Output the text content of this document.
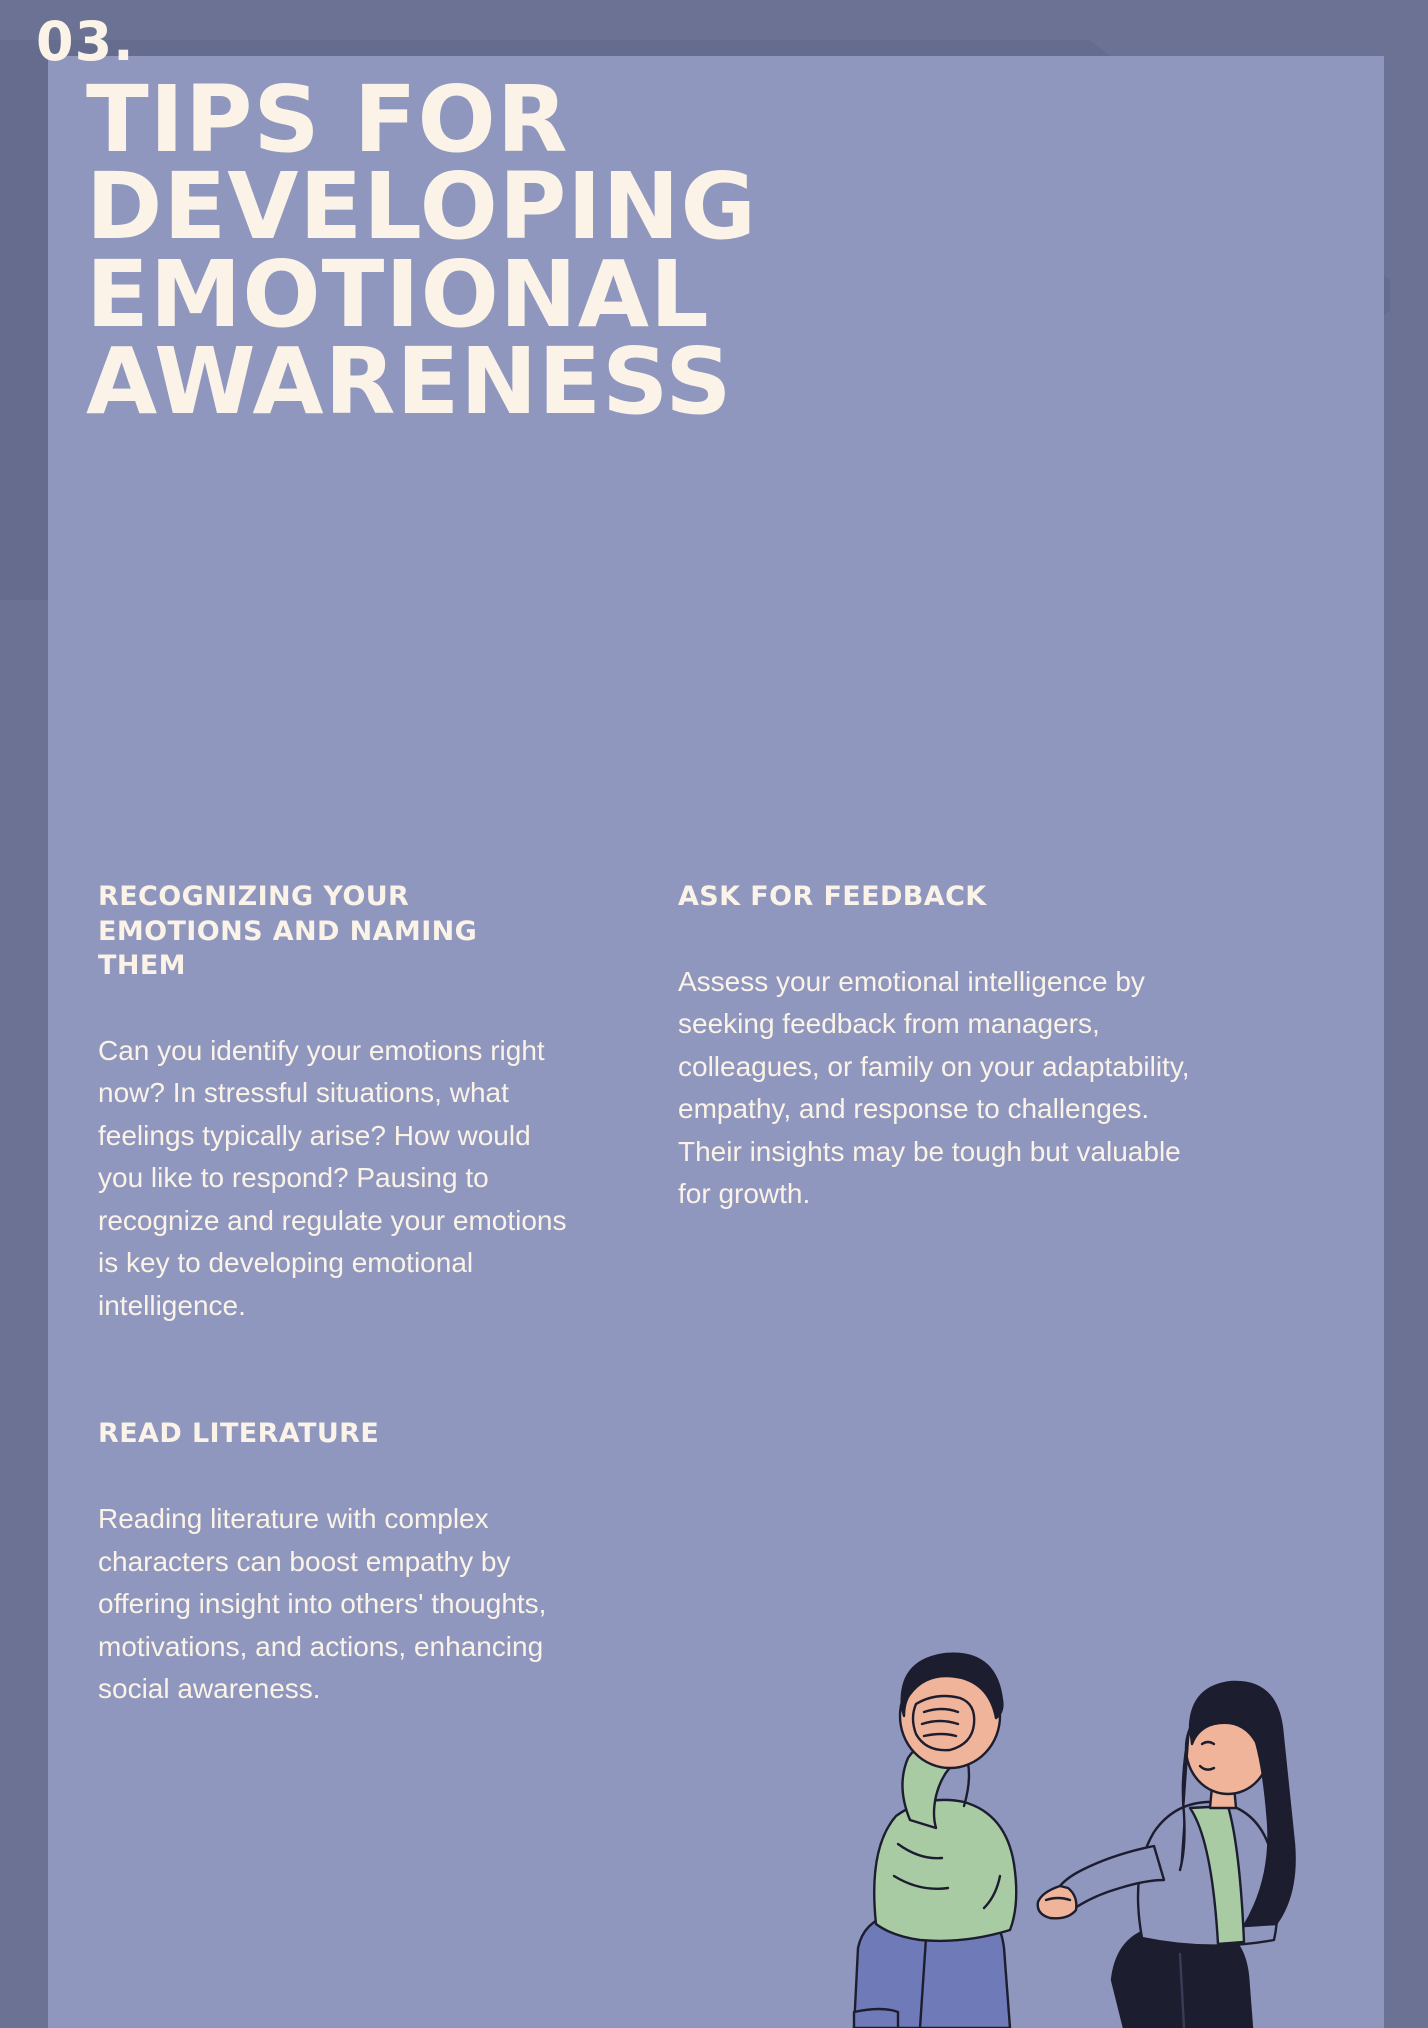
03.
TIPS FOR DEVELOPING
EMOTIONAL AWARENESS
RECOGNIZING YOUR EMOTIONS AND NAMING THEM

Can you identify your emotions right now? In stressful situations, what feelings typically arise? How would you like to respond? Pausing to recognize and regulate your emotions is key to developing emotional intelligence.

ASK FOR FEEDBACK

Assess your emotional intelligence by seeking feedback from managers, colleagues, or family on your adaptability, empathy, and response to challenges. Their insights may be tough but valuable for growth.

READ LITERATURE

Reading literature with complex characters can boost empathy by offering insight into others' thoughts, motivations, and actions, enhancing social awareness.
